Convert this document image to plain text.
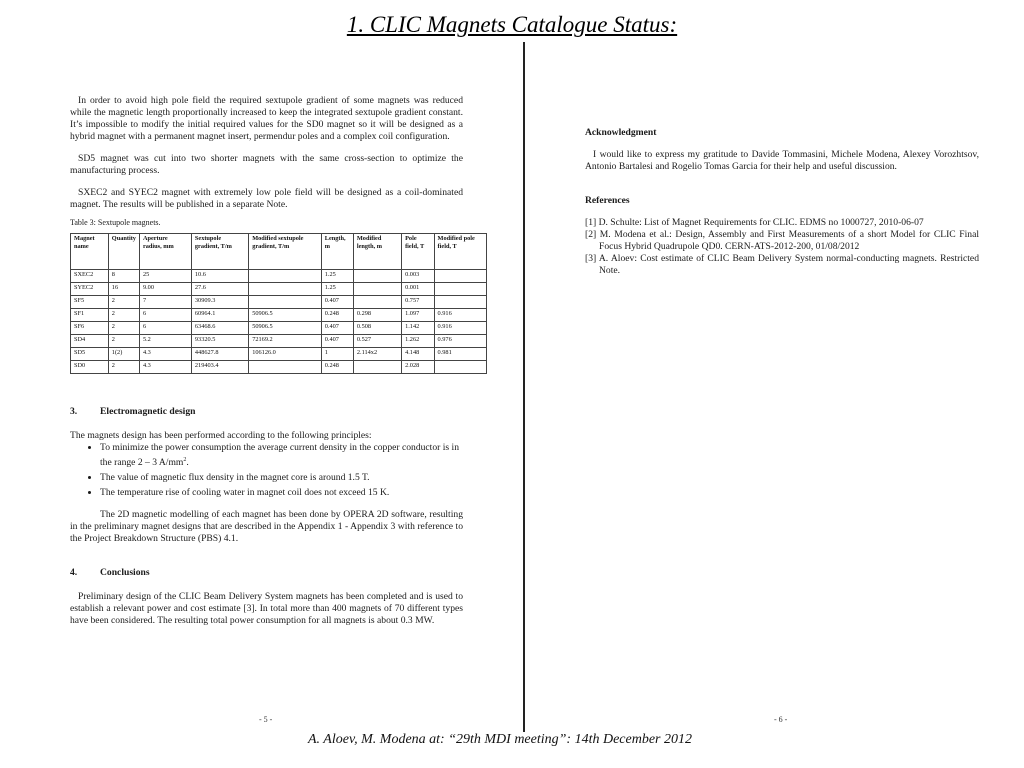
1. CLIC Magnets Catalogue Status:

In order to avoid high pole field the required sextupole gradient of some magnets was reduced while the magnetic length proportionally increased to keep the integrated sextupole gradient constant. It’s impossible to modify the initial required values for the SD0 magnet so it will be designed as a hybrid magnet with a permanent magnet insert, permendur poles and a complex coil configuration.

SD5 magnet was cut into two shorter magnets with the same cross-section to optimize the manufacturing process.

SXEC2 and SYEC2 magnet with extremely low pole field will be designed as a coil-dominated magnet. The results will be published in a separate Note.

Table 3: Sextupole magnets.
Magnet name	Quantity	Aperture radius, mm	Sextupole gradient, T/m	Modified sextupole gradient, T/m	Length, m	Modified length, m	Pole field, T	Modified pole field, T
SXEC2	8	25	10.6		1.25		0.003	
SYEC2	16	9.00	27.6		1.25		0.001	
SF5	2	7	30909.3		0.407		0.757	
SF1	2	6	60964.1	50906.5	0.248	0.298	1.097	0.916
SF6	2	6	63468.6	50906.5	0.407	0.508	1.142	0.916
SD4	2	5.2	93320.5	72169.2	0.407	0.527	1.262	0.976
SD5	1(2)	4.3	448627.8	106126.0	1	2.114x2	4.148	0.981
SD0	2	4.3	219403.4		0.248		2.028	
3. Electromagnetic design

The magnets design has been performed according to the following principles:

• To minimize the power consumption the average current density in the copper conductor is in the range 2 – 3 $A/mm^2$.
• The value of magnetic flux density in the magnet core is around 1.5 T.
• The temperature rise of cooling water in magnet coil does not exceed 15 K.

The 2D magnetic modelling of each magnet has been done by OPERA 2D software, resulting in the preliminary magnet designs that are described in the Appendix 1 - Appendix 3 with reference to the Project Breakdown Structure (PBS) 4.1.

4. Conclusions

Preliminary design of the CLIC Beam Delivery System magnets has been completed and is used to establish a relevant power and cost estimate [3]. In total more than 400 magnets of 70 different types have been considered. The resulting total power consumption for all magnets is about 0.3 MW.

- 5 -
Acknowledgment

I would like to express my gratitude to Davide Tommasini, Michele Modena, Alexey Vorozhtsov, Antonio Bartalesi and Rogelio Tomas Garcia for their help and useful discussion.

References
[1] D. Schulte: List of Magnet Requirements for CLIC. EDMS no 1000727, 2010-06-07
[2] M. Modena et al.: Design, Assembly and First Measurements of a short Model for CLIC Final Focus Hybrid Quadrupole QD0. CERN-ATS-2012-200, 01/08/2012
[3] A. Aloev: Cost estimate of CLIC Beam Delivery System normal-conducting magnets. Restricted Note.
- 6 -
A. Aloev, M. Modena at: “29th MDI meeting”: 14th December 2012
